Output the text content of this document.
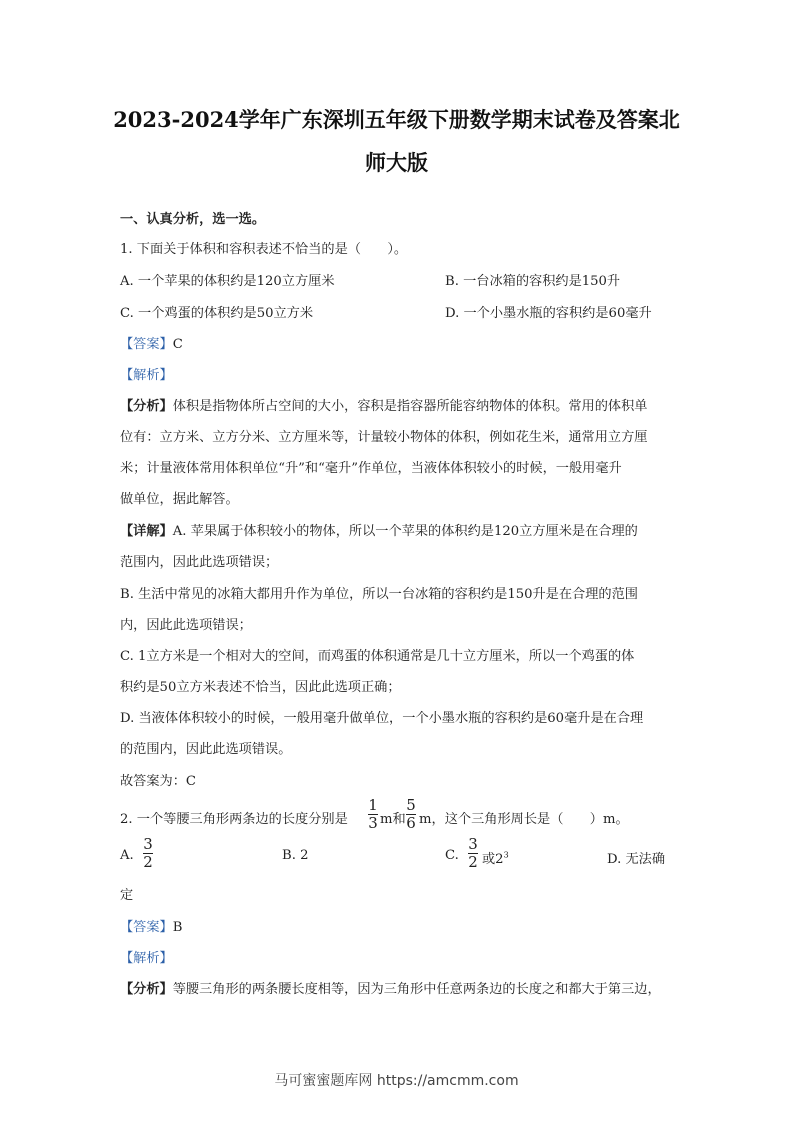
2023-2024学年广东深圳五年级下册数学期末试卷及答案北
师大版
一、认真分析，选一选。
1. 下面关于体积和容积表述不恰当的是（　　）。
A. 一个苹果的体积约是120立方厘米	B. 一台冰箱的容积约是150升
C. 一个鸡蛋的体积约是50立方米	D. 一个小墨水瓶的容积约是60毫升
【答案】C
【解析】
【分析】体积是指物体所占空间的大小，容积是指容器所能容纳物体的体积。常用的体积单
位有：立方米、立方分米、立方厘米等，计量较小物体的体积，例如花生米，通常用立方厘
米；计量液体常用体积单位“升”和“毫升”作单位，当液体体积较小的时候，一般用毫升
做单位，据此解答。
【详解】A. 苹果属于体积较小的物体，所以一个苹果的体积约是120立方厘米是在合理的
范围内，因此此选项错误；
B. 生活中常见的冰箱大都用升作为单位，所以一台冰箱的容积约是150升是在合理的范围
内，因此此选项错误；
C. 1立方米是一个相对大的空间，而鸡蛋的体积通常是几十立方厘米，所以一个鸡蛋的体
积约是50立方米表述不恰当，因此此选项正确；
D. 当液体体积较小的时候，一般用毫升做单位，一个小墨水瓶的容积约是60毫升是在合理
的范围内，因此此选项错误。
故答案为：C
2. 一个等腰三角形两条边的长度分别是
1
3 m和
5
6 m，这个三角形周长是（　　）m。
A.
3
2	B. 2	C.
3
2 或$2^3$	D. 无法确
定
【答案】B
【解析】
【分析】等腰三角形的两条腰长度相等，因为三角形中任意两条边的长度之和都大于第三边，
马可蜜蜜题库网 https://amcmm.com
